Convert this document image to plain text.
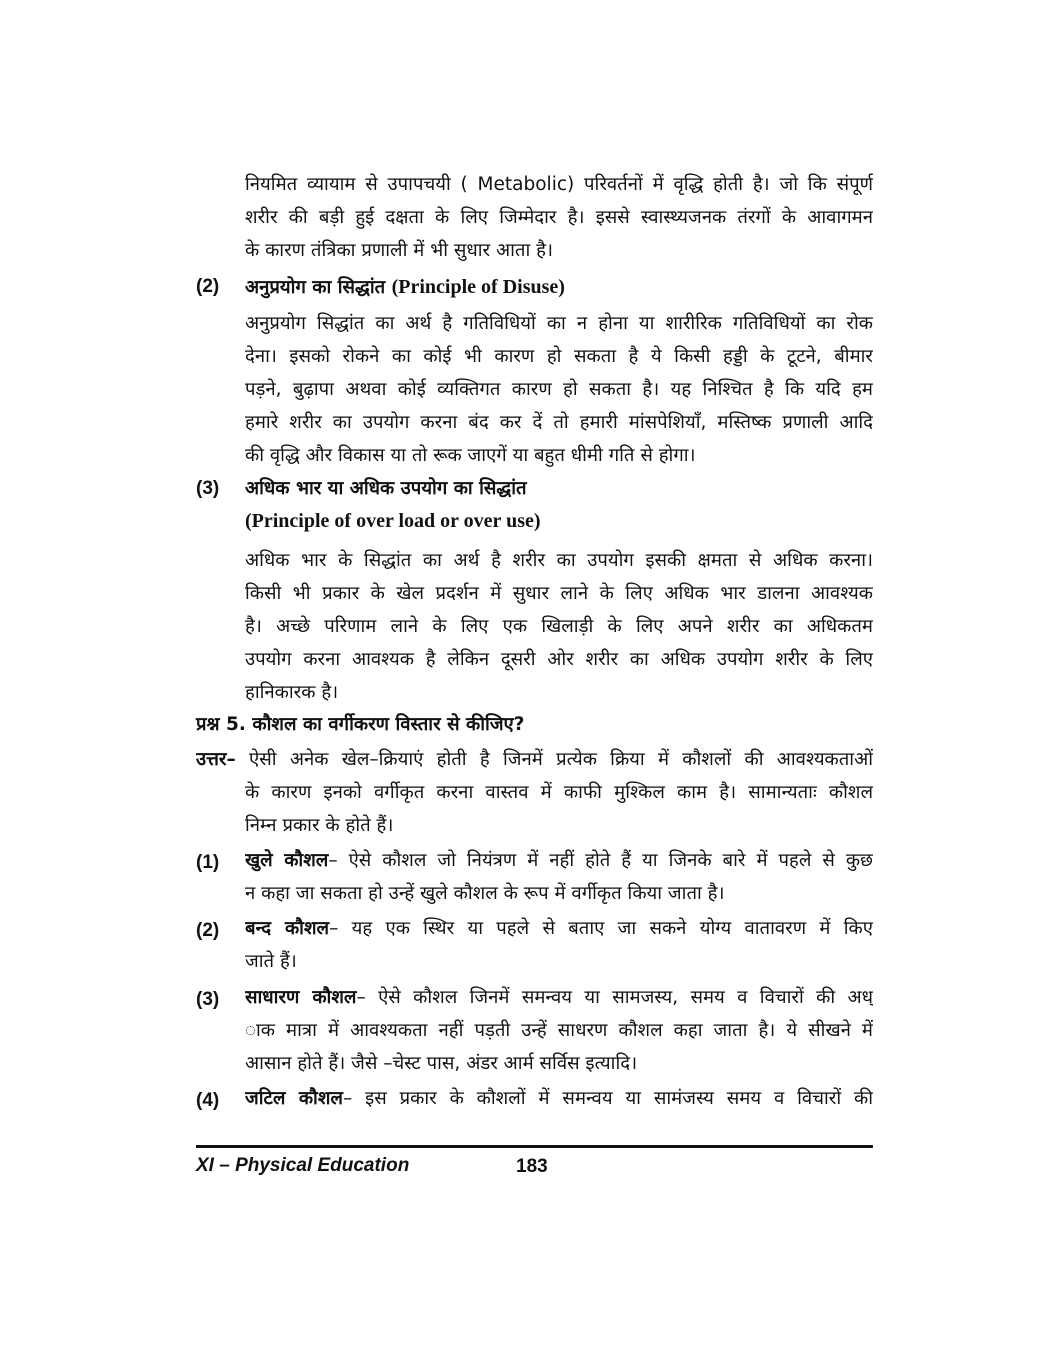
नियमित व्यायाम से उपापचयी ( Metabolic) परिवर्तनों में वृद्धि होती है। जो कि संपूर्ण
शरीर की बड़ी हुई दक्षता के लिए जिम्मेदार है। इससे स्वास्थ्यजनक तंरगों के आवागमन
के कारण तंत्रिका प्रणाली में भी सुधार आता है।
(2) अनुप्रयोग का सिद्धांत (Principle of Disuse)
अनुप्रयोग सिद्धांत का अर्थ है गतिविधियों का न होना या शारीरिक गतिविधियों का रोक
देना। इसको रोकने का कोई भी कारण हो सकता है ये किसी हड्डी के टूटने, बीमार
पड़ने, बुढ़ापा अथवा कोई व्यक्तिगत कारण हो सकता है। यह निश्चित है कि यदि हम
हमारे शरीर का उपयोग करना बंद कर दें तो हमारी मांसपेशियाँ, मस्तिष्क प्रणाली आदि
की वृद्धि और विकास या तो रूक जाएगें या बहुत धीमी गति से होगा।
(3) अधिक भार या अधिक उपयोग का सिद्धांत
(Principle of over load or over use)
अधिक भार के सिद्धांत का अर्थ है शरीर का उपयोग इसकी क्षमता से अधिक करना।
किसी भी प्रकार के खेल प्रदर्शन में सुधार लाने के लिए अधिक भार डालना आवश्यक
है। अच्छे परिणाम लाने के लिए एक खिलाड़ी के लिए अपने शरीर का अधिकतम
उपयोग करना आवश्यक है लेकिन दूसरी ओर शरीर का अधिक उपयोग शरीर के लिए
हानिकारक है।
प्रश्न 5. कौशल का वर्गीकरण विस्तार से कीजिए?
उत्तर– ऐसी अनेक खेल–क्रियाएं होती है जिनमें प्रत्येक क्रिया में कौशलों की आवश्यकताओं
के कारण इनको वर्गीकृत करना वास्तव में काफी मुश्किल काम है। सामान्यताः कौशल
निम्न प्रकार के होते हैं।
(1) खुले कौशल– ऐसे कौशल जो नियंत्रण में नहीं होते हैं या जिनके बारे में पहले से कुछ
न कहा जा सकता हो उन्हें खुले कौशल के रूप में वर्गीकृत किया जाता है।
(2) बन्द कौशल– यह एक स्थिर या पहले से बताए जा सकने योग्य वातावरण में किए
जाते हैं।
(3) साधारण कौशल– ऐसे कौशल जिनमें समन्वय या सामजस्य, समय व विचारों की अध्
ाक मात्रा में आवश्यकता नहीं पड़ती उन्हें साधरण कौशल कहा जाता है। ये सीखने में
आसान होते हैं। जैसे –चेस्ट पास, अंडर आर्म सर्विस इत्यादि।
(4) जटिल कौशल– इस प्रकार के कौशलों में समन्वय या सामंजस्य समय व विचारों की
XI – Physical Education	183
